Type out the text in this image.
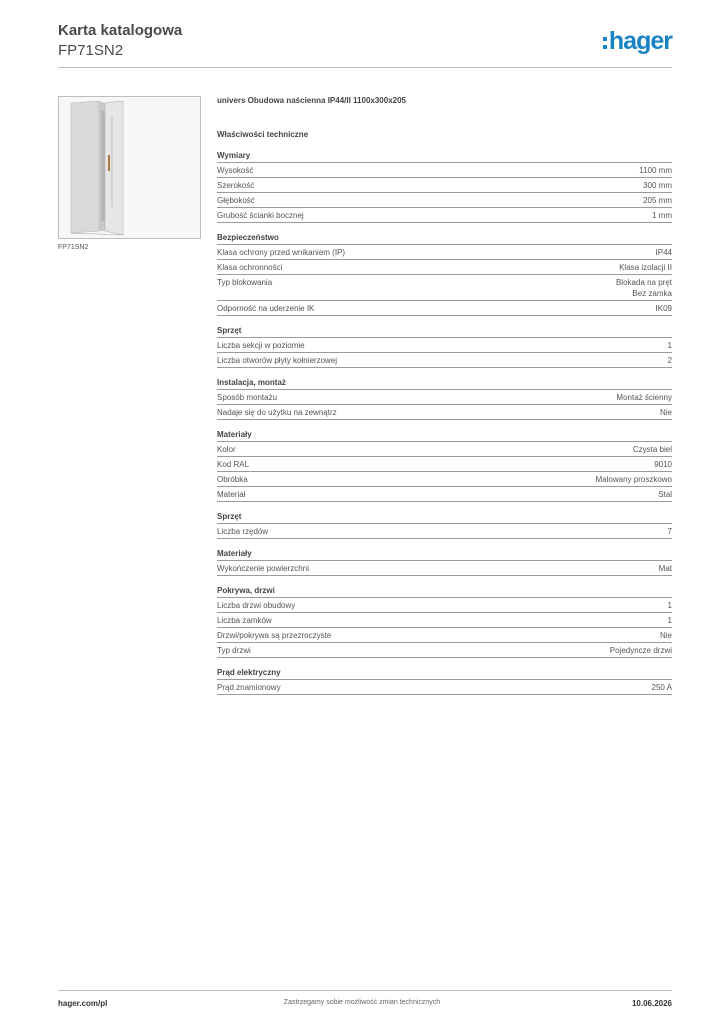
Karta katalogowa
FP71SN2	hager
FP71SN2
univers Obudowa naścienna IP44/II 1100x300x205
Właściwości techniczne
Wymiary
Wysokość	1100 mm
Szerokość	300 mm
Głębokość	205 mm
Grubość ścianki bocznej	1 mm
Bezpieczeństwo
Klasa ochrony przed wnikaniem (IP)	IP44
Klasa ochronności	Klasa izolacji II
Typ blokowania	Blokada na pręt
Bez zamka
Odporność na uderzenie IK	IK09
Sprzęt
Liczba sekcji w poziomie	1
Liczba otworów płyty kołnierzowej	2
Instalacja, montaż
Sposób montażu	Montaż ścienny
Nadaje się do użytku na zewnątrz	Nie
Materiały
Kolor	Czysta biel
Kod RAL	9010
Obróbka	Malowany proszkowo
Materiał	Stal
Sprzęt
Liczba rzędów	7
Materiały
Wykończenie powierzchni	Mat
Pokrywa, drzwi
Liczba drzwi obudowy	1
Liczba zamków	1
Drzwi/pokrywa są przezroczyste	Nie
Typ drzwi	Pojedyncze drzwi
Prąd elektryczny
Prąd znamionowy	250 A
hager.com/pl	Zastrzegamy sobie możliwość zmian technicznych	10.06.2026
